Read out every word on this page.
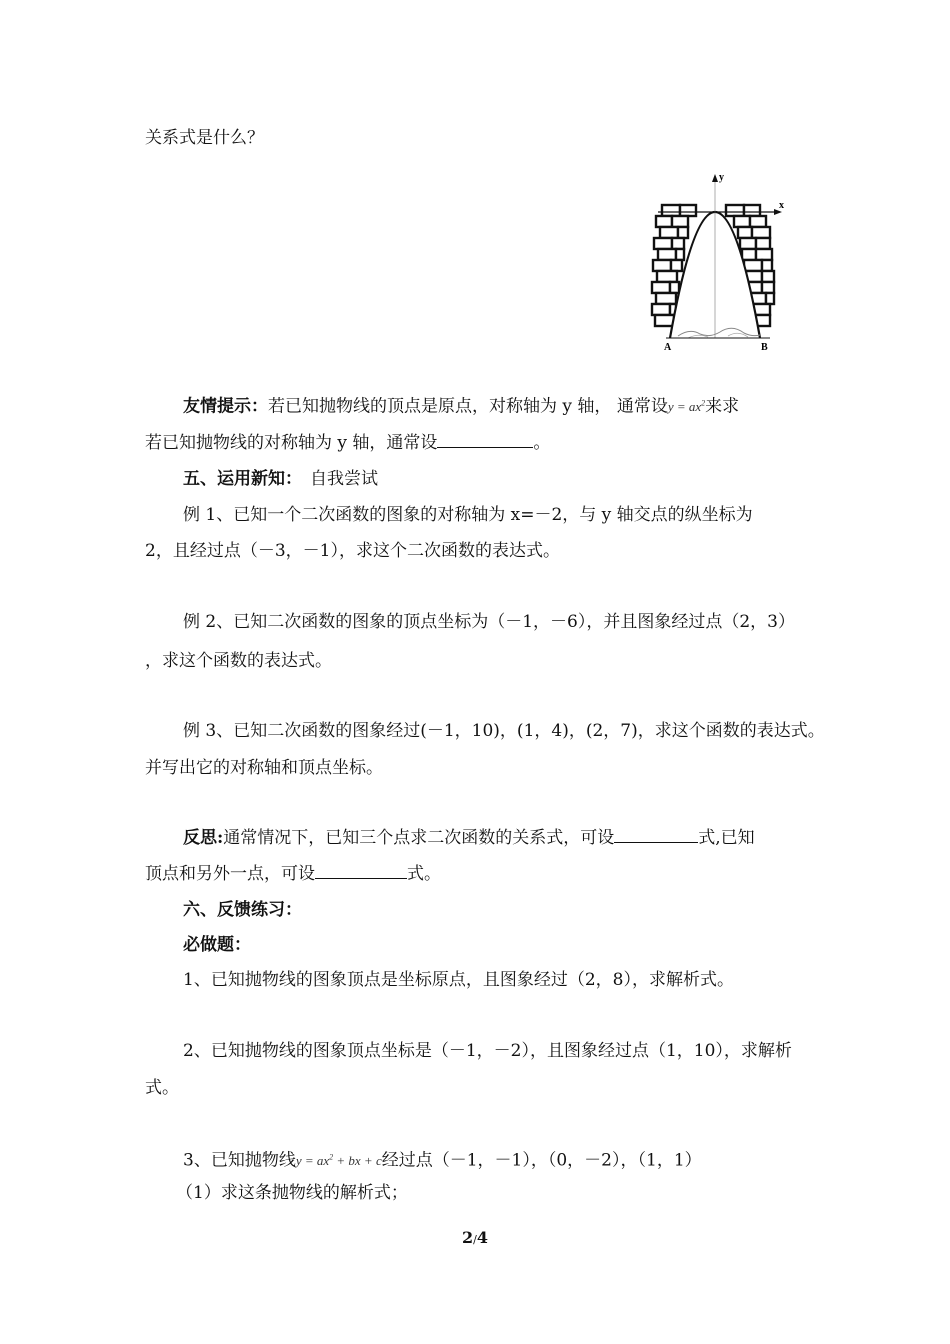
关系式是什么？
y
x
A	B
友情提示：若已知抛物线的顶点是原点，对称轴为 y 轴， 通常设$y = ax^2$来求
若已知抛物线的对称轴为 y 轴，通常设	。
五、运用新知： 自我尝试
例 1、已知一个二次函数的图象的对称轴为 x=－2，与 y 轴交点的纵坐标为
2，且经过点（－3，－1），求这个二次函数的表达式。
例 2、已知二次函数的图象的顶点坐标为（－1，－6），并且图象经过点（2，3）
，求这个函数的表达式。
例 3、已知二次函数的图象经过(－1，10)，(1，4)，(2，7)，求这个函数的表达式。
并写出它的对称轴和顶点坐标。
反思:通常情况下，已知三个点求二次函数的关系式，可设	式,已知
顶点和另外一点，可设	式。
六、反馈练习：
必做题：
1、已知抛物线的图象顶点是坐标原点，且图象经过（2，8），求解析式。
2、已知抛物线的图象顶点坐标是（－1，－2），且图象经过点（1，10），求解析
式。
3、已知抛物线$y = ax^2$ + bx + c经过点（－1，－1），（0，－2），（1，1）
（1）求这条抛物线的解析式；
2/4
